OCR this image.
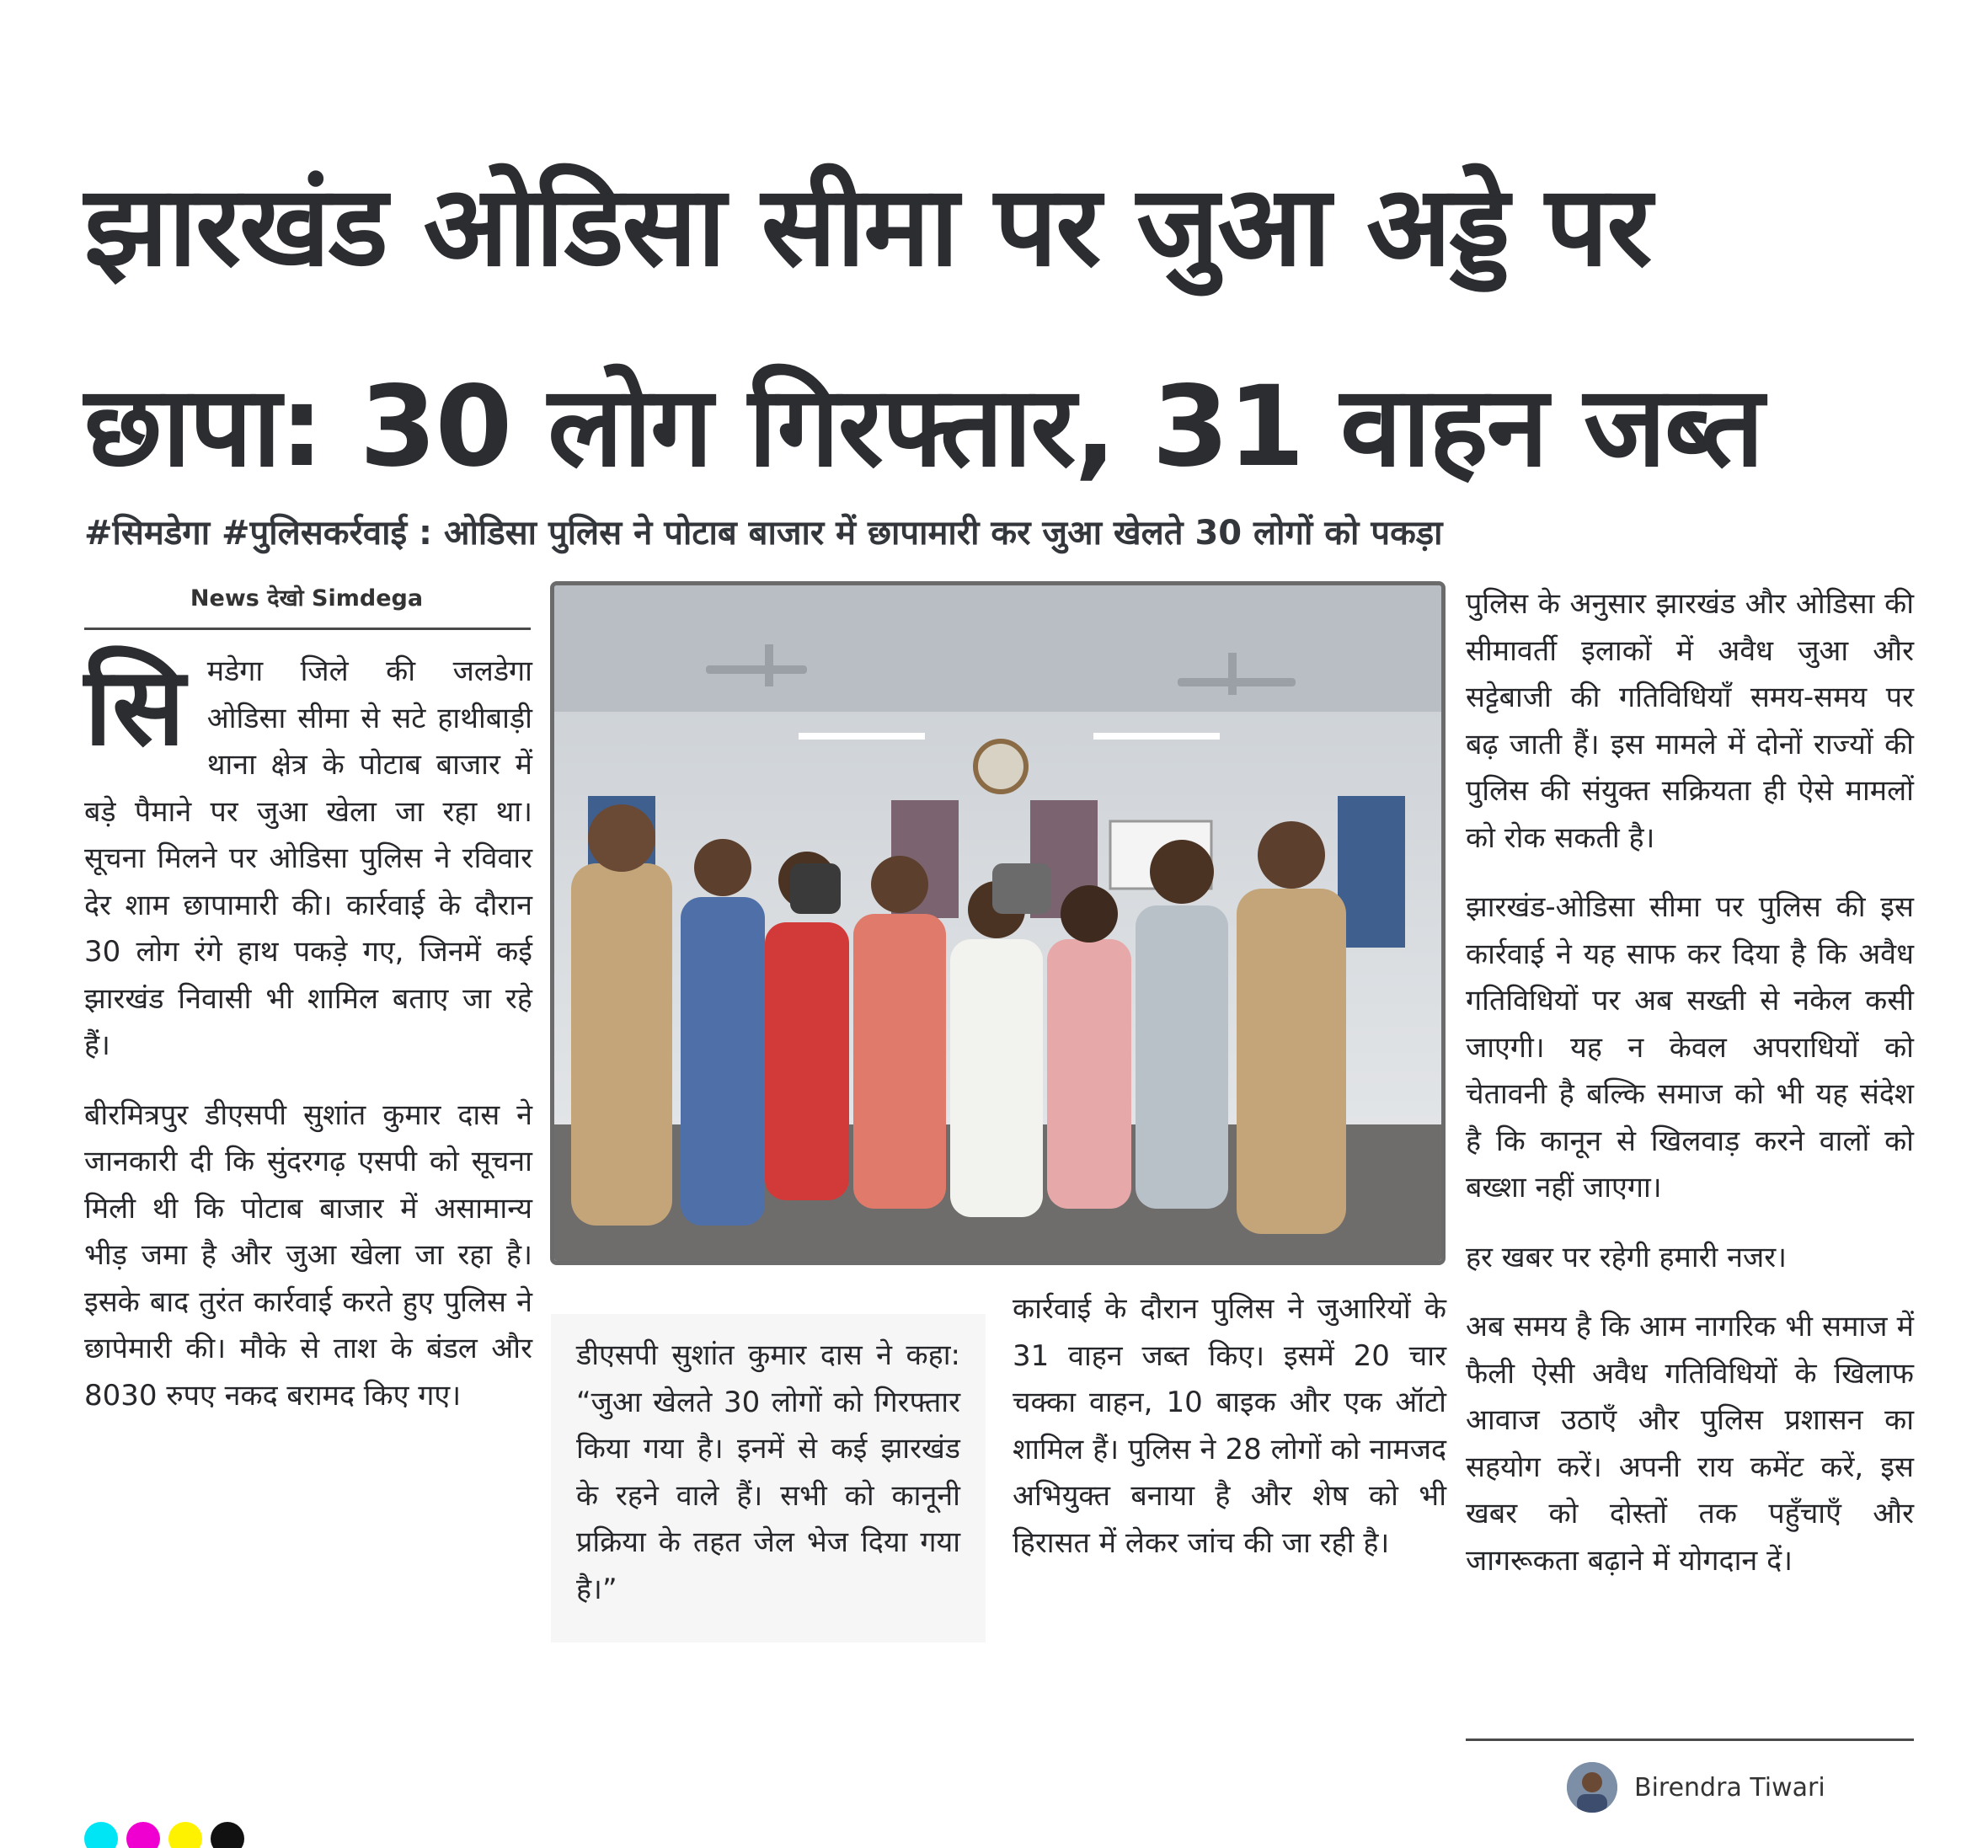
झारखंड ओडिसा सीमा पर जुआ अड्डे पर
छापा: 30 लोग गिरफ्तार, 31 वाहन जब्त
#सिमडेगा #पुलिसकर्रवाई : ओडिसा पुलिस ने पोटाब बाजार में छापामारी कर जुआ खेलते 30 लोगों को पकड़ा
News देखो Simdega

सिमडेगा जिले की जलडेगा ओडिसा सीमा से सटे हाथीबाड़ी थाना क्षेत्र के पोटाब बाजार में बड़े पैमाने पर जुआ खेला जा रहा था। सूचना मिलने पर ओडिसा पुलिस ने रविवार देर शाम छापामारी की। कार्रवाई के दौरान 30 लोग रंगे हाथ पकड़े गए, जिनमें कई झारखंड निवासी भी शामिल बताए जा रहे हैं।

बीरमित्रपुर डीएसपी सुशांत कुमार दास ने जानकारी दी कि सुंदरगढ़ एसपी को सूचना मिली थी कि पोटाब बाजार में असामान्य भीड़ जमा है और जुआ खेला जा रहा है। इसके बाद तुरंत कार्रवाई करते हुए पुलिस ने छापेमारी की। मौके से ताश के बंडल और 8030 रुपए नकद बरामद किए गए।

डीएसपी सुशांत कुमार दास ने कहा: “जुआ खेलते 30 लोगों को गिरफ्तार किया गया है। इनमें से कई झारखंड के रहने वाले हैं। सभी को कानूनी प्रक्रिया के तहत जेल भेज दिया गया है।”

कार्रवाई के दौरान पुलिस ने जुआरियों के 31 वाहन जब्त किए। इसमें 20 चार चक्का वाहन, 10 बाइक और एक ऑटो शामिल हैं। पुलिस ने 28 लोगों को नामजद अभियुक्त बनाया है और शेष को भी हिरासत में लेकर जांच की जा रही है।

पुलिस के अनुसार झारखंड और ओडिसा की सीमावर्ती इलाकों में अवैध जुआ और सट्टेबाजी की गतिविधियाँ समय-समय पर बढ़ जाती हैं। इस मामले में दोनों राज्यों की पुलिस की संयुक्त सक्रियता ही ऐसे मामलों को रोक सकती है।

झारखंड-ओडिसा सीमा पर पुलिस की इस कार्रवाई ने यह साफ कर दिया है कि अवैध गतिविधियों पर अब सख्ती से नकेल कसी जाएगी। यह न केवल अपराधियों को चेतावनी है बल्कि समाज को भी यह संदेश है कि कानून से खिलवाड़ करने वालों को बख्शा नहीं जाएगा।

हर खबर पर रहेगी हमारी नजर।

अब समय है कि आम नागरिक भी समाज में फैली ऐसी अवैध गतिविधियों के खिलाफ आवाज उठाएँ और पुलिस प्रशासन का सहयोग करें। अपनी राय कमेंट करें, इस खबर को दोस्तों तक पहुँचाएँ और जागरूकता बढ़ाने में योगदान दें।

Birendra Tiwari
